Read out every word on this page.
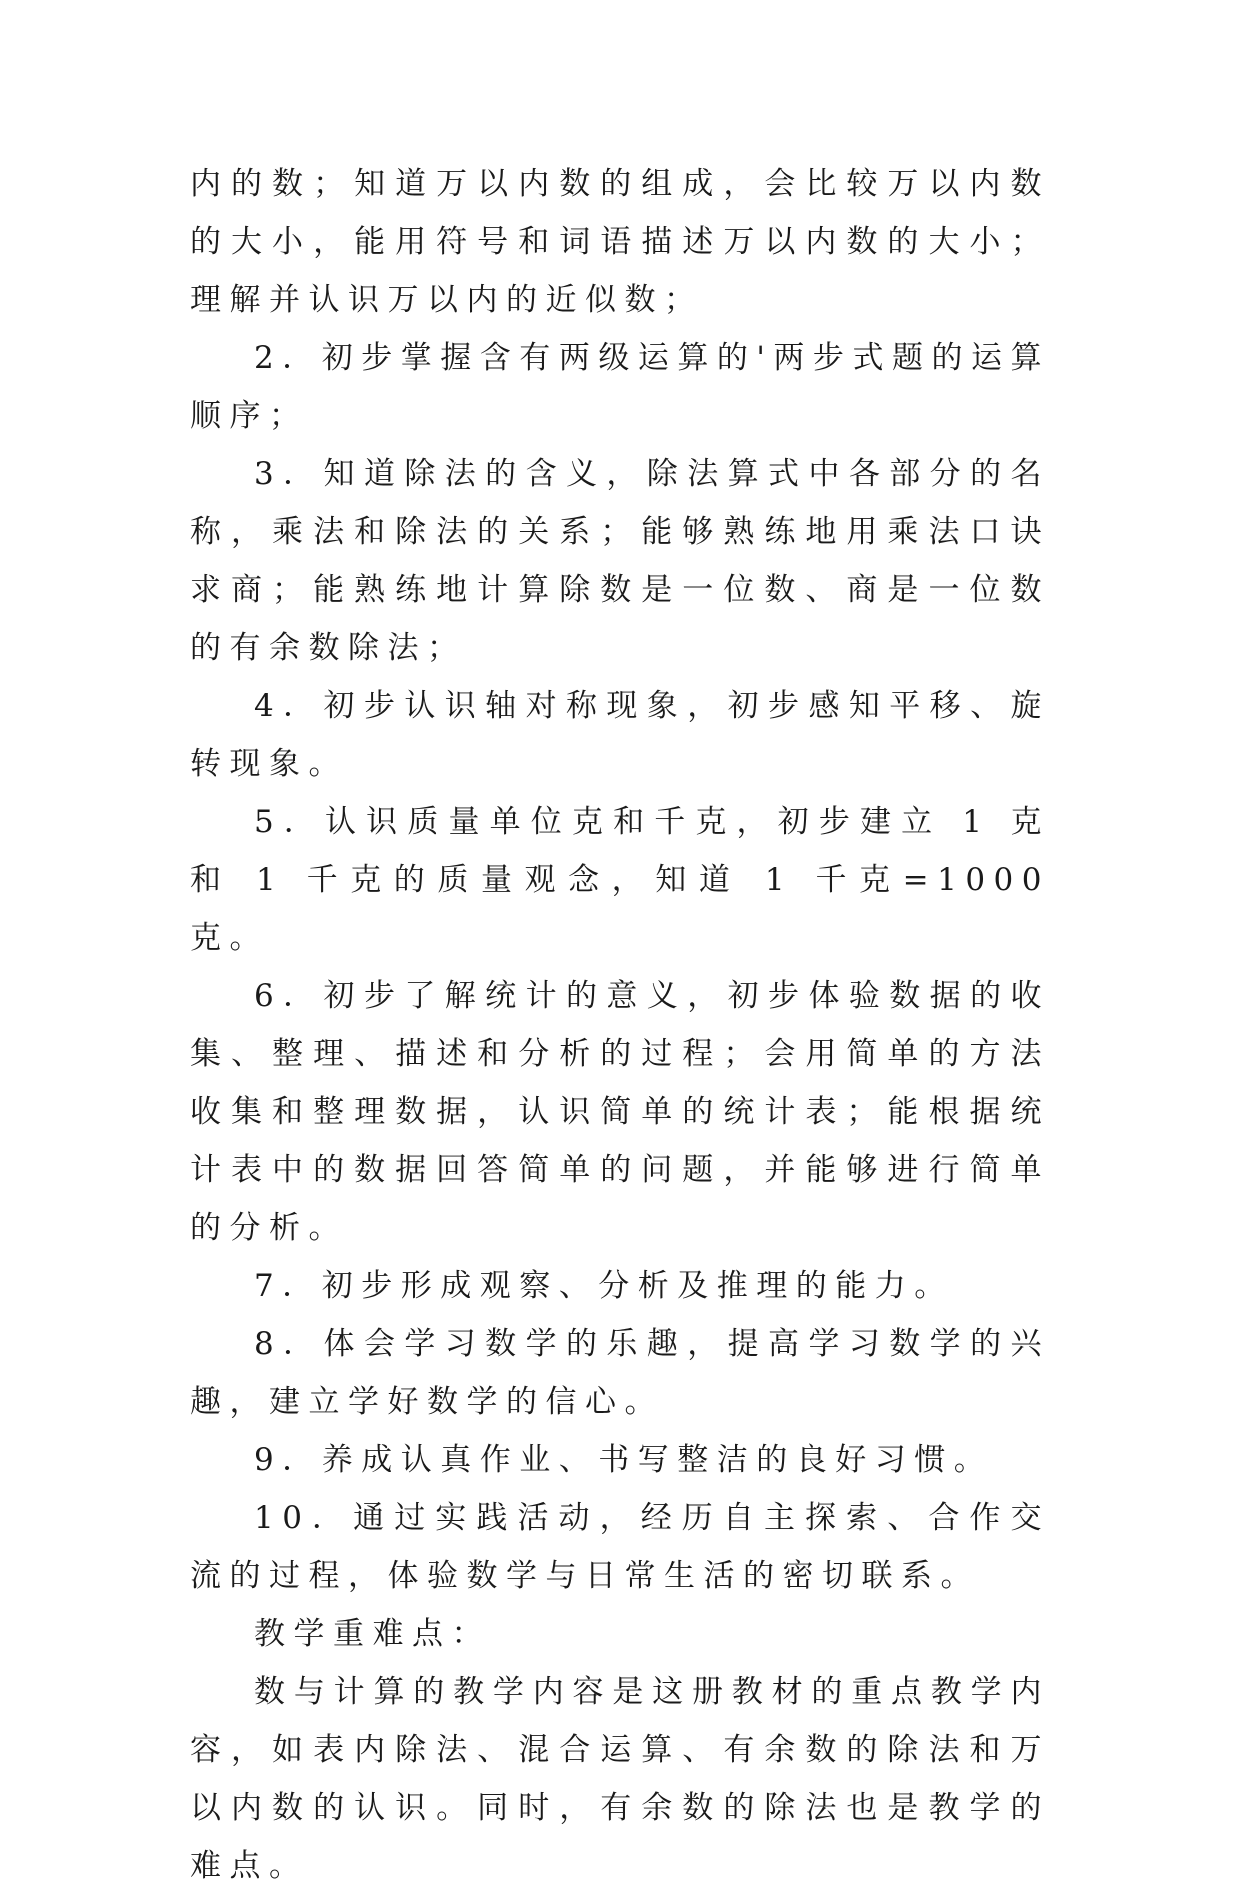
内的数；知道万以内数的组成，会比较万以内数的大小，能用符号和词语描述万以内数的大小；理解并认识万以内的近似数；

2．初步掌握含有两级运算的'两步式题的运算顺序；

3．知道除法的含义，除法算式中各部分的名称，乘法和除法的关系；能够熟练地用乘法口诀求商；能熟练地计算除数是一位数、商是一位数的有余数除法；

4．初步认识轴对称现象，初步感知平移、旋转现象。

5．认识质量单位克和千克，初步建立 1 克和 1 千克的质量观念，知道 1 千克=1000 克。

6．初步了解统计的意义，初步体验数据的收集、整理、描述和分析的过程；会用简单的方法收集和整理数据，认识简单的统计表；能根据统计表中的数据回答简单的问题，并能够进行简单的分析。

7．初步形成观察、分析及推理的能力。

8．体会学习数学的乐趣，提高学习数学的兴趣，建立学好数学的信心。

9．养成认真作业、书写整洁的良好习惯。

10．通过实践活动，经历自主探索、合作交流的过程，体验数学与日常生活的密切联系。

教学重难点：

数与计算的教学内容是这册教材的重点教学内容，如表内除法、混合运算、有余数的除法和万以内数的认识。同时，有余数的除法也是教学的难点。
